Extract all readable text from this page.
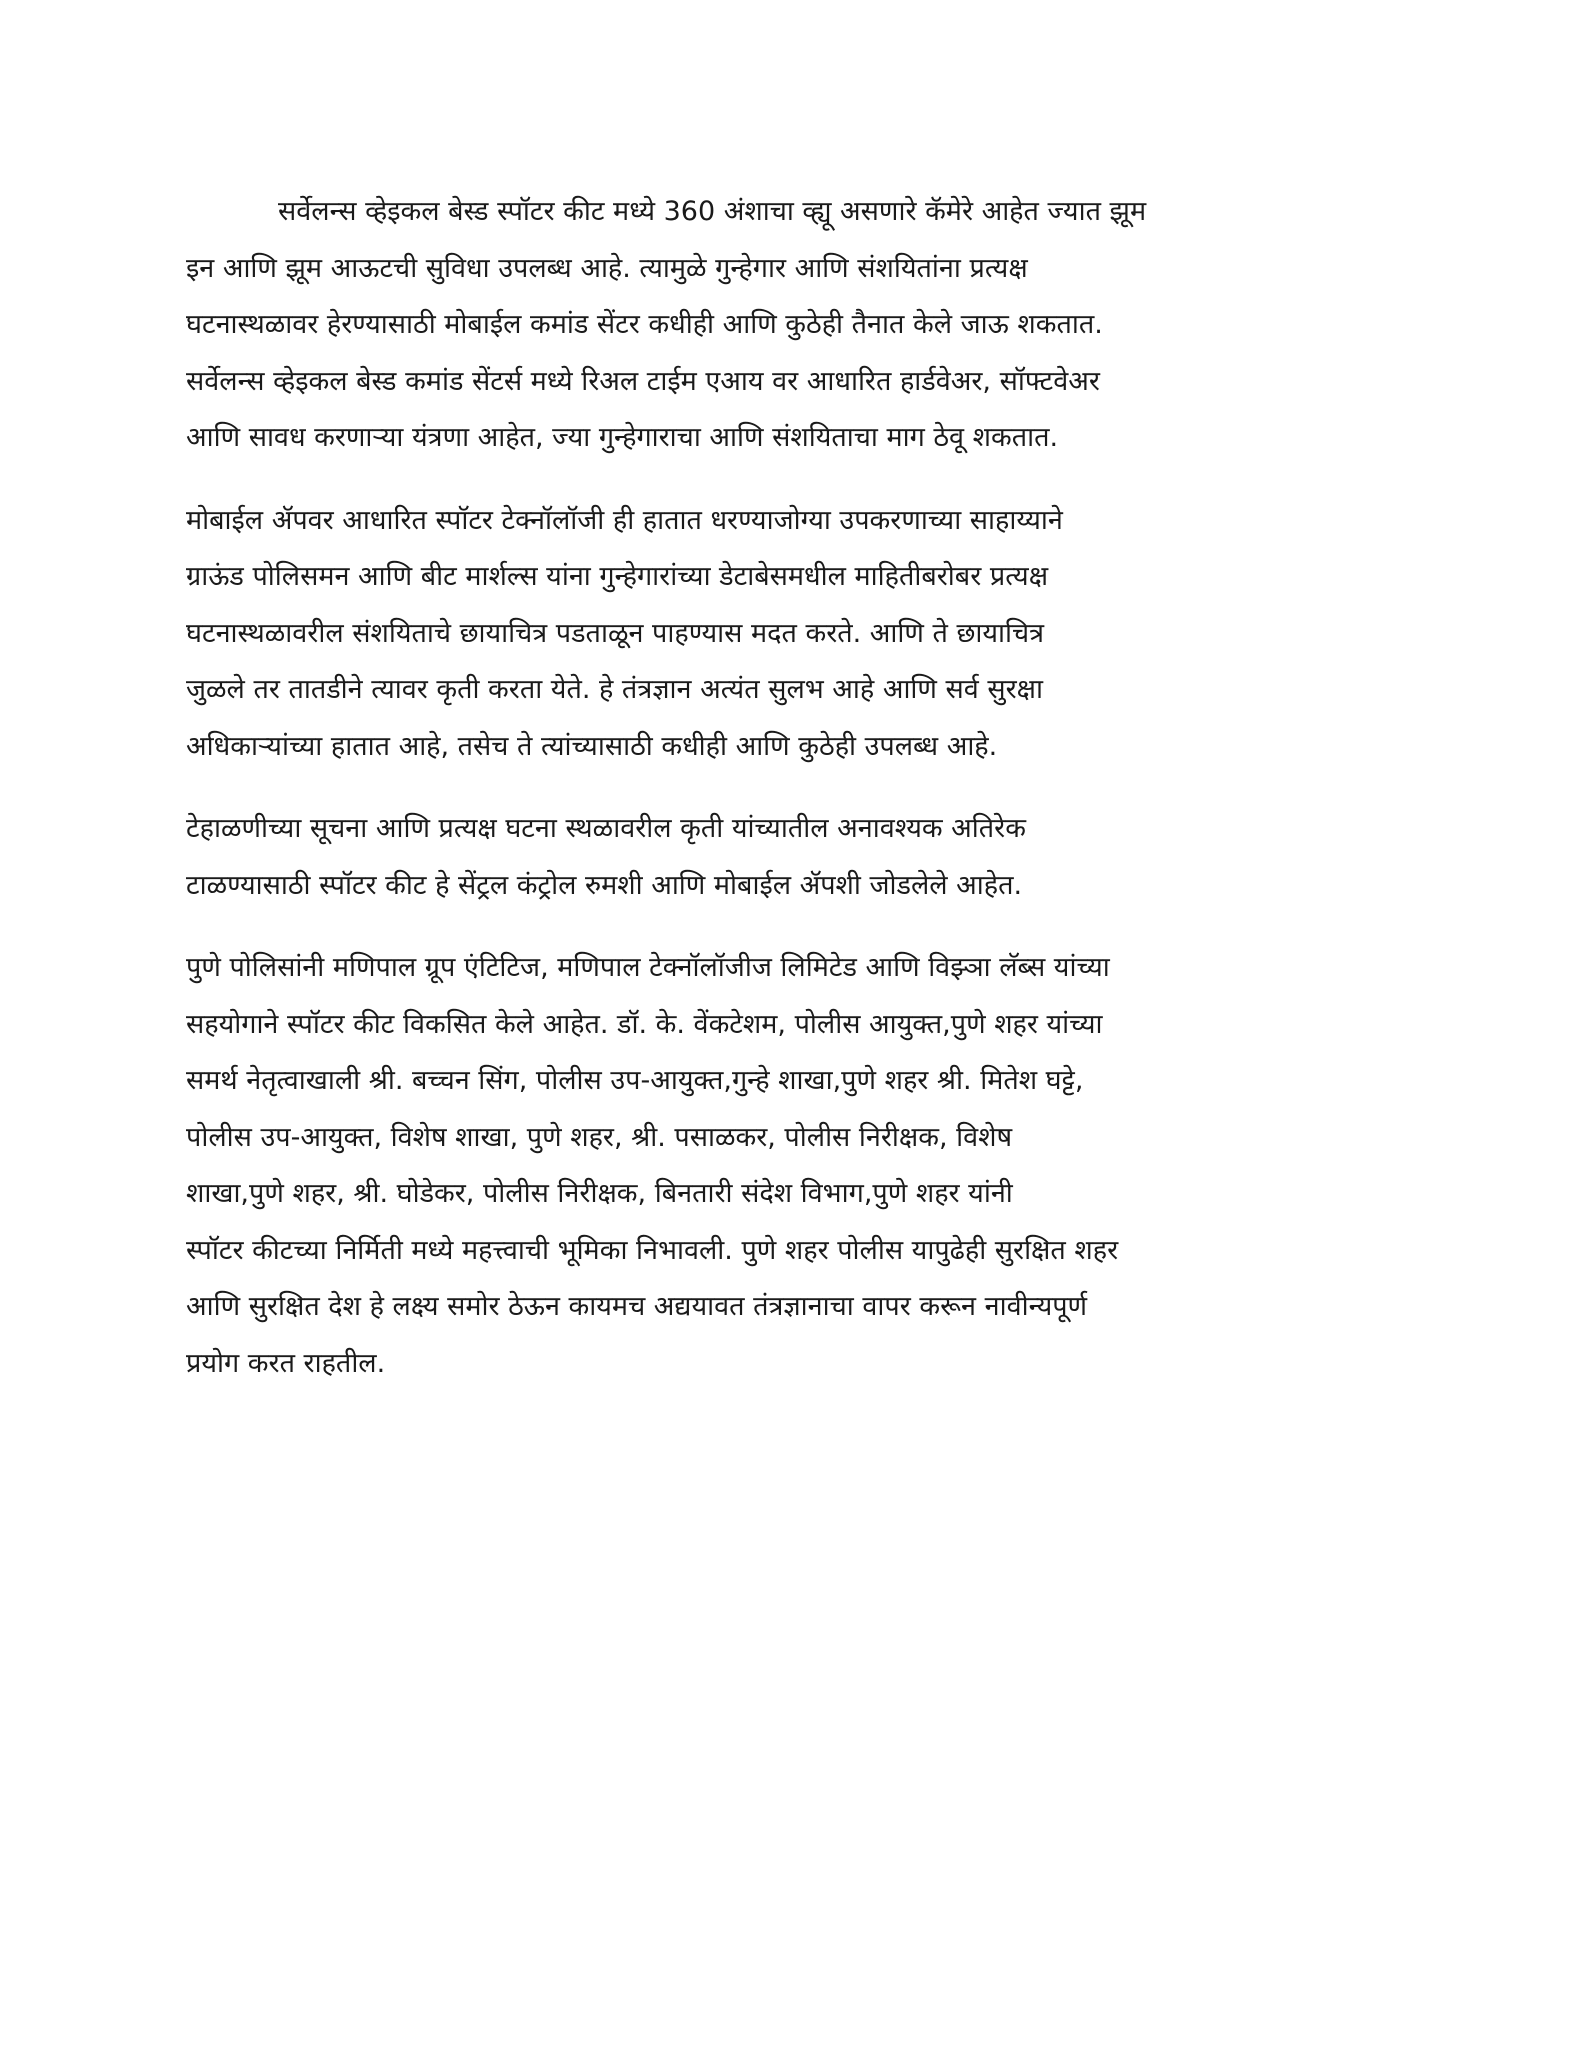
सर्वेलन्स व्हेइकल बेस्ड स्पॉटर कीट मध्ये 360 अंशाचा व्ह्यू असणारे कॅमेरे आहेत ज्यात झूम
इन आणि झूम आऊटची सुविधा उपलब्ध आहे. त्यामुळे गुन्हेगार आणि संशयितांना प्रत्यक्ष
घटनास्थळावर हेरण्यासाठी मोबाईल कमांड सेंटर कधीही आणि कुठेही तैनात केले जाऊ शकतात.
सर्वेलन्स व्हेइकल बेस्ड कमांड सेंटर्स मध्ये रिअल टाईम एआय वर आधारित हार्डवेअर, सॉफ्टवेअर
आणि सावध करणाऱ्या यंत्रणा आहेत, ज्या गुन्हेगाराचा आणि संशयिताचा माग ठेवू शकतात.

मोबाईल ॲपवर आधारित स्पॉटर टेक्नॉलॉजी ही हातात धरण्याजोग्या उपकरणाच्या साहाय्याने
ग्राऊंड पोलिसमन आणि बीट मार्शल्स यांना गुन्हेगारांच्या डेटाबेसमधील माहितीबरोबर प्रत्यक्ष
घटनास्थळावरील संशयिताचे छायाचित्र पडताळून पाहण्यास मदत करते. आणि ते छायाचित्र
जुळले तर तातडीने त्यावर कृती करता येते. हे तंत्रज्ञान अत्यंत सुलभ आहे आणि सर्व सुरक्षा
अधिकाऱ्यांच्या हातात आहे, तसेच ते त्यांच्यासाठी कधीही आणि कुठेही उपलब्ध आहे.

टेहाळणीच्या सूचना आणि प्रत्यक्ष घटना स्थळावरील कृती यांच्यातील अनावश्यक अतिरेक
टाळण्यासाठी स्पॉटर कीट हे सेंट्रल कंट्रोल रुमशी आणि मोबाईल ॲपशी जोडलेले आहेत.

पुणे पोलिसांनी मणिपाल ग्रूप एंटिटिज, मणिपाल टेक्नॉलॉजीज लिमिटेड आणि विझ्ञा लॅब्स यांच्या
सहयोगाने स्पॉटर कीट विकसित केले आहेत. डॉ. के. वेंकटेशम, पोलीस आयुक्त,पुणे शहर यांच्या
समर्थ नेतृत्वाखाली श्री. बच्चन सिंग, पोलीस उप-आयुक्त,गुन्हे शाखा,पुणे शहर श्री. मितेश घट्टे,
पोलीस उप-आयुक्त, विशेष शाखा, पुणे शहर, श्री. पसाळकर, पोलीस निरीक्षक, विशेष
शाखा,पुणे शहर, श्री. घोडेकर, पोलीस निरीक्षक, बिनतारी संदेश विभाग,पुणे शहर यांनी
स्पॉटर कीटच्या निर्मिती मध्ये महत्त्वाची भूमिका निभावली. पुणे शहर पोलीस यापुढेही सुरक्षित शहर
आणि सुरक्षित देश हे लक्ष्य समोर ठेऊन कायमच अद्ययावत तंत्रज्ञानाचा वापर करून नावीन्यपूर्ण
प्रयोग करत राहतील.
